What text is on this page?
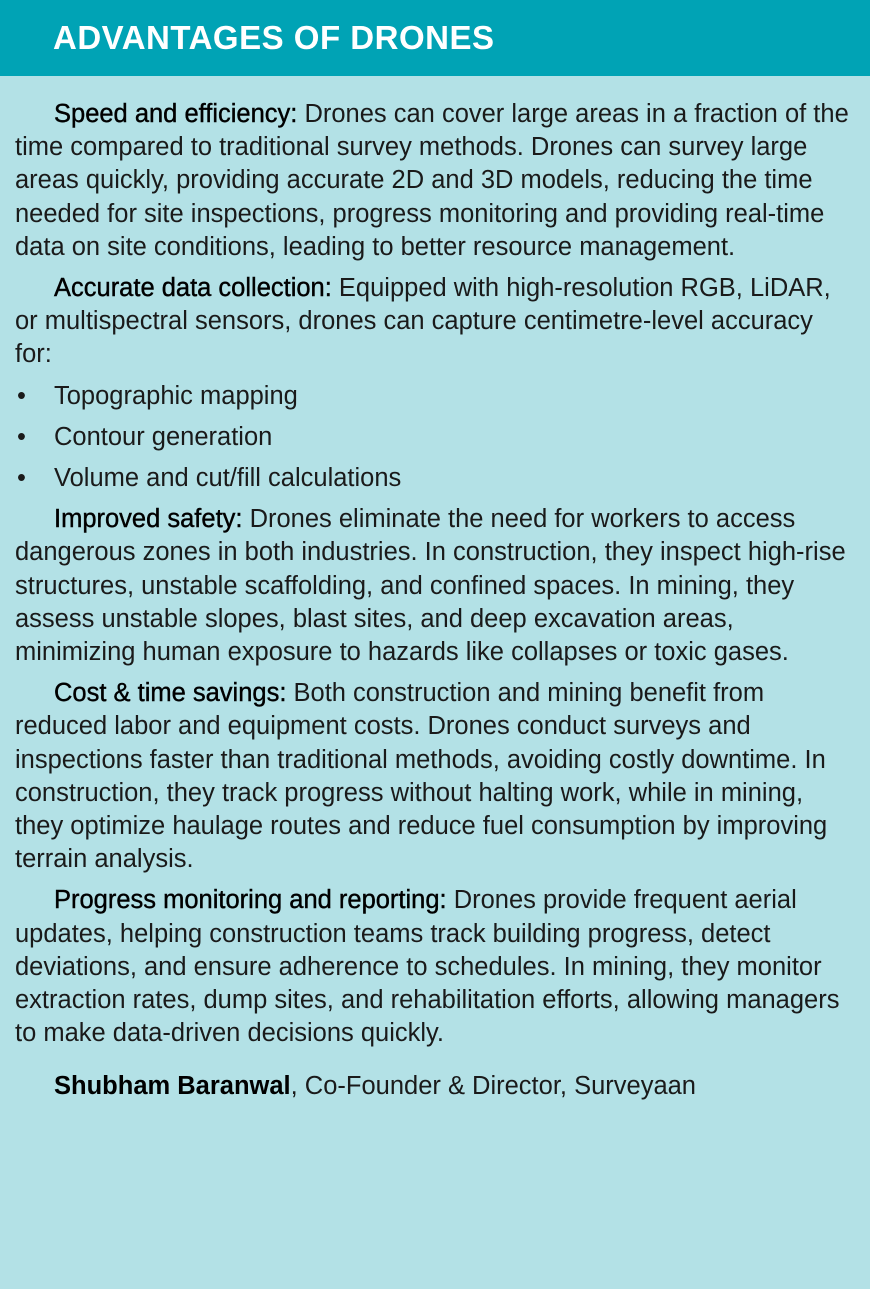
ADVANTAGES OF DRONES

Speed and efficiency: Drones can cover large areas in a fraction of the time compared to traditional survey methods. Drones can survey large areas quickly, providing accurate 2D and 3D models, reducing the time needed for site inspections, progress monitoring and providing real-time data on site conditions, leading to better resource management.

Accurate data collection: Equipped with high-resolution RGB, LiDAR, or multispectral sensors, drones can capture centimetre-level accuracy for:

• Topographic mapping
• Contour generation
• Volume and cut/fill calculations

Improved safety: Drones eliminate the need for workers to access dangerous zones in both industries. In construction, they inspect high-rise structures, unstable scaffolding, and confined spaces. In mining, they assess unstable slopes, blast sites, and deep excavation areas, minimizing human exposure to hazards like collapses or toxic gases.

Cost & time savings: Both construction and mining benefit from reduced labor and equipment costs. Drones conduct surveys and inspections faster than traditional methods, avoiding costly downtime. In construction, they track progress without halting work, while in mining, they optimize haulage routes and reduce fuel consumption by improving terrain analysis.

Progress monitoring and reporting: Drones provide frequent aerial updates, helping construction teams track building progress, detect deviations, and ensure adherence to schedules. In mining, they monitor extraction rates, dump sites, and rehabilitation efforts, allowing managers to make data-driven decisions quickly.

Shubham Baranwal, Co-Founder & Director, Surveyaan
